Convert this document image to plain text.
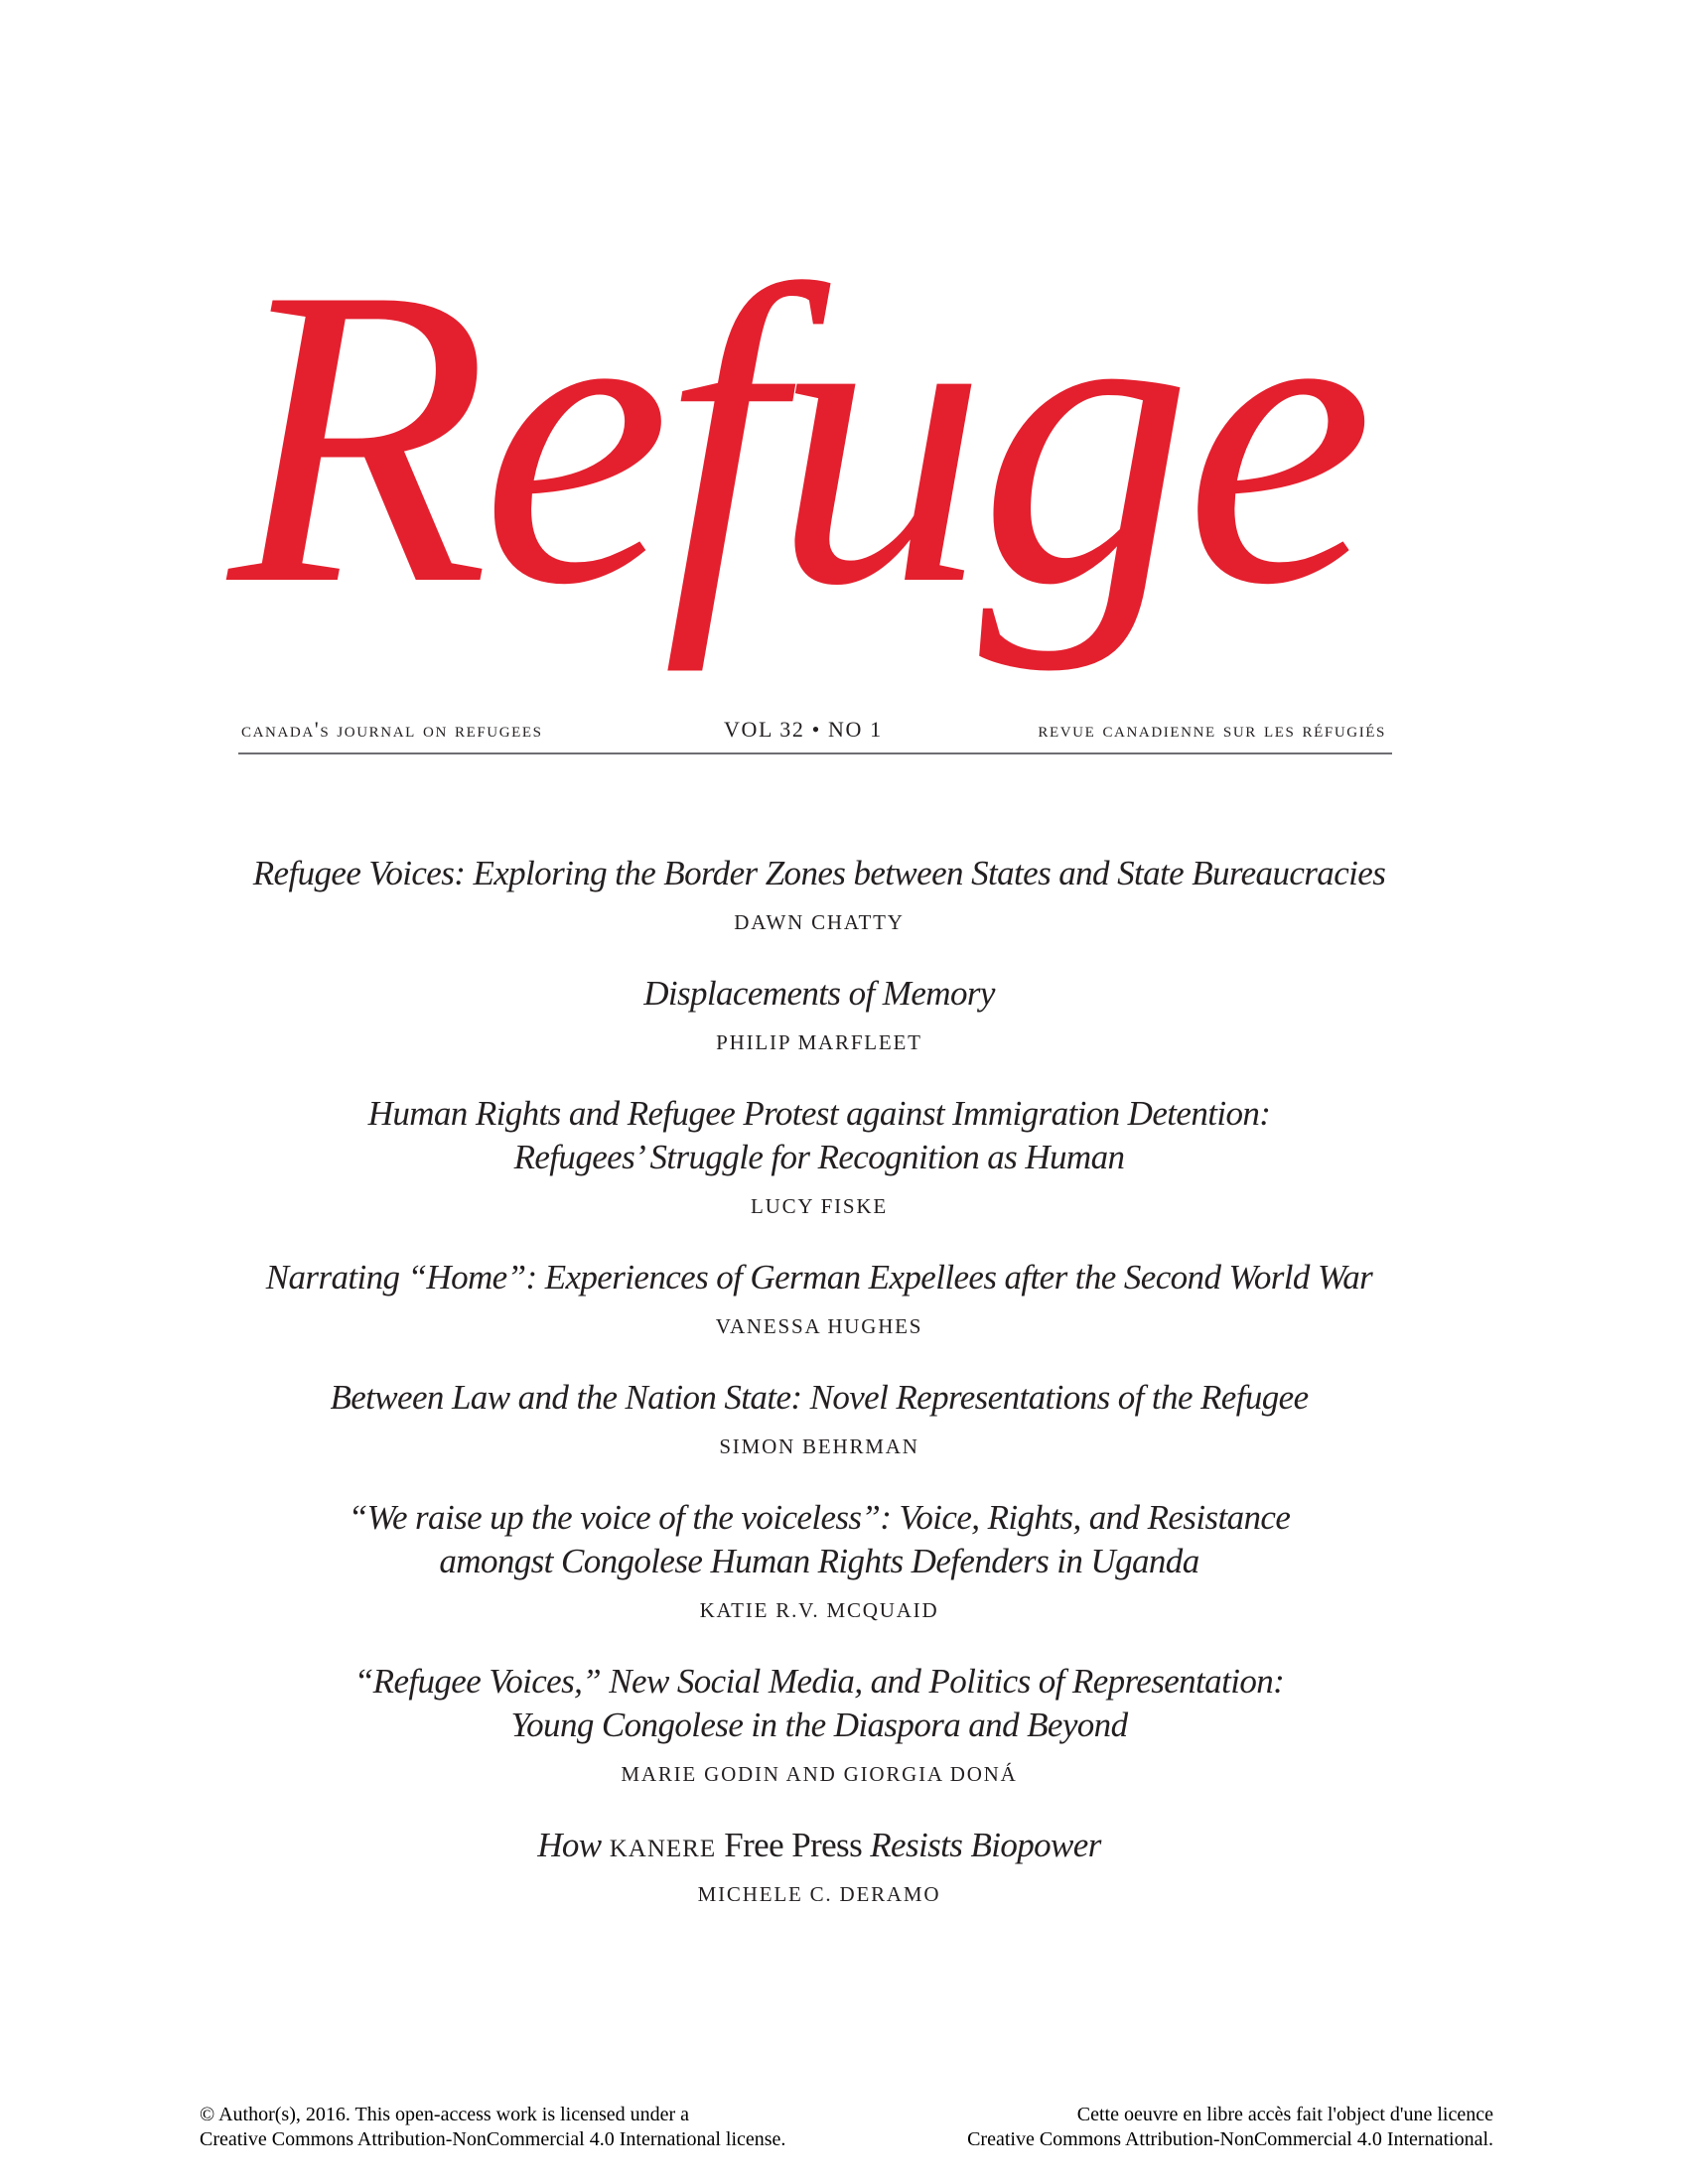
Refuge
canada's journal on refugees	VOL 32 • NO 1	revue canadienne sur les réfugiés
Refugee Voices: Exploring the Border Zones between States and State Bureaucracies
DAWN CHATTY
Displacements of Memory
PHILIP MARFLEET
Human Rights and Refugee Protest against Immigration Detention:
Refugees’ Struggle for Recognition as Human
LUCY FISKE
Narrating “Home”: Experiences of German Expellees after the Second World War
VANESSA HUGHES
Between Law and the Nation State: Novel Representations of the Refugee
SIMON BEHRMAN
“We raise up the voice of the voiceless”: Voice, Rights, and Resistance
amongst Congolese Human Rights Defenders in Uganda
KATIE R.V. MCQUAID
“Refugee Voices,” New Social Media, and Politics of Representation:
Young Congolese in the Diaspora and Beyond
MARIE GODIN AND GIORGIA DONÁ
How kanere Free Press Resists Biopower
MICHELE C. DERAMO
© Author(s), 2016. This open-access work is licensed under a
Creative Commons Attribution-NonCommercial 4.0 International license.
Cette oeuvre en libre accès fait l'object d'une licence
Creative Commons Attribution-NonCommercial 4.0 International.
